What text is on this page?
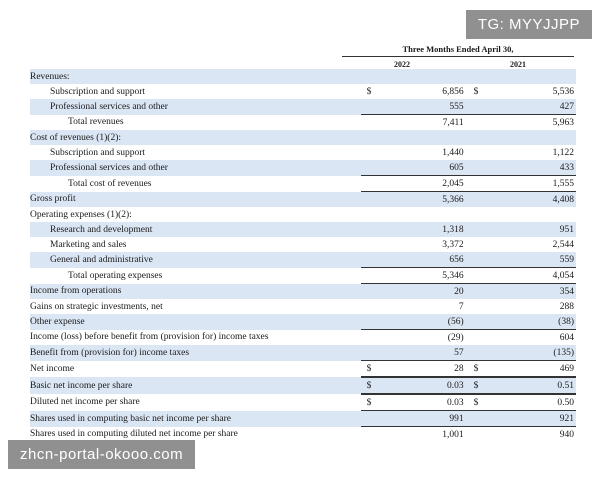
Three Months Ended April 30,
2022	2021
Revenues:				
Subscription and support	$	6,856	$	5,536
Professional services and other		555		427
Total revenues		7,411		5,963
Cost of revenues (1)(2):				
Subscription and support		1,440		1,122
Professional services and other		605		433
Total cost of revenues		2,045		1,555
Gross profit		5,366		4,408
Operating expenses (1)(2):				
Research and development		1,318		951
Marketing and sales		3,372		2,544
General and administrative		656		559
Total operating expenses		5,346		4,054
Income from operations		20		354
Gains on strategic investments, net		7		288
Other expense		(56)		(38)
Income (loss) before benefit from (provision for) income taxes		(29)		604
Benefit from (provision for) income taxes		57		(135)
Net income	$	28	$	469
Basic net income per share	$	0.03	$	0.51
Diluted net income per share	$	0.03	$	0.50
Shares used in computing basic net income per share		991		921
Shares used in computing diluted net income per share		1,001		940
TG: MYYJJPP
zhcn-portal-okooo.com
